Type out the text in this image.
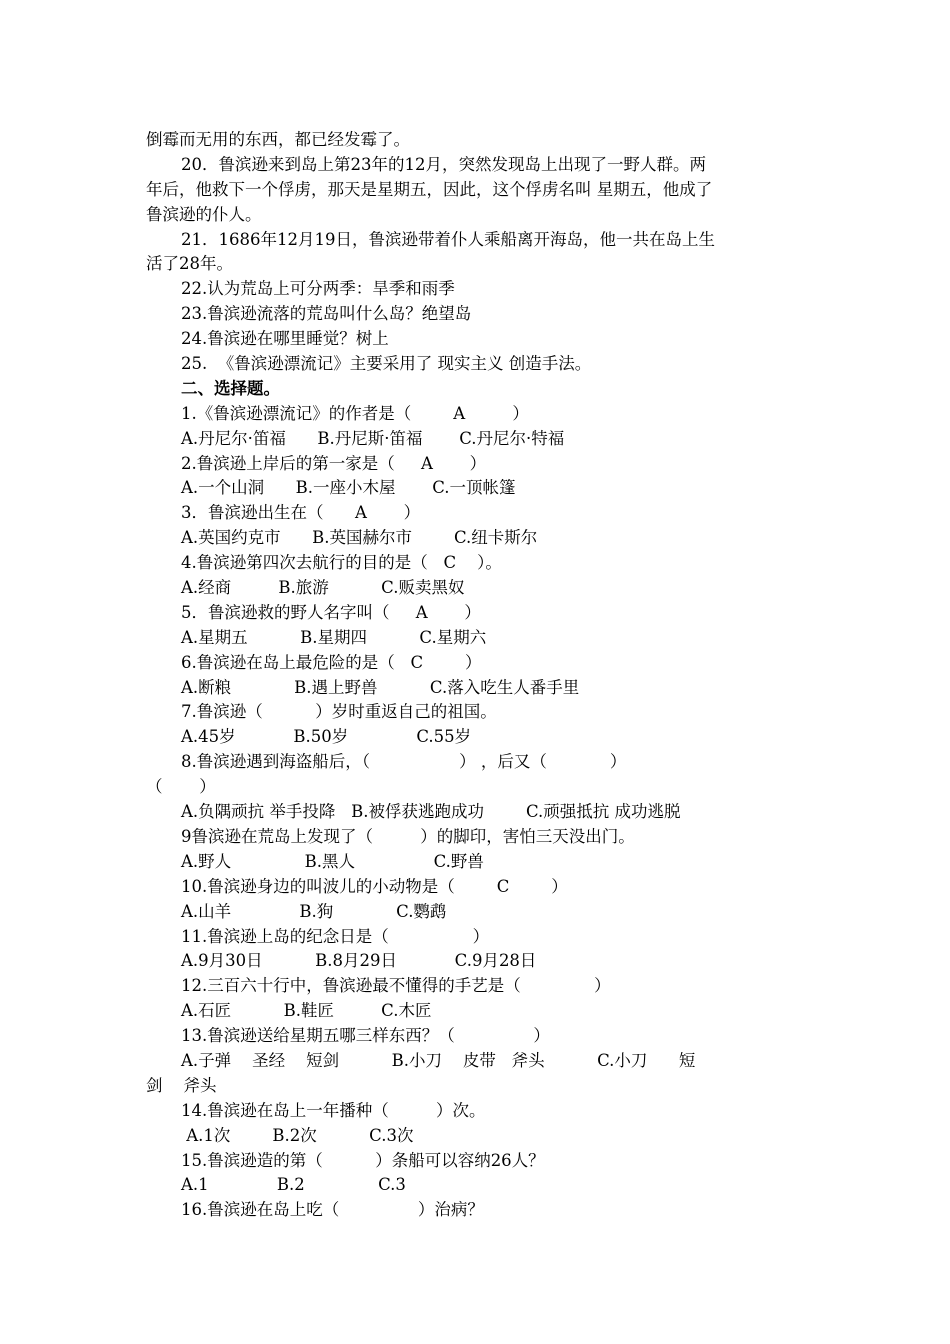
倒霉而无用的东西，都已经发霉了。
20．鲁滨逊来到岛上第23年的12月，突然发现岛上出现了一野人群。两
年后，他救下一个俘虏，那天是星期五，因此，这个俘虏名叫 星期五，他成了
鲁滨逊的仆人。
21．1686年12月19日，鲁滨逊带着仆人乘船离开海岛，他一共在岛上生
活了28年。
22.认为荒岛上可分两季：旱季和雨季
23.鲁滨逊流落的荒岛叫什么岛？绝望岛
24.鲁滨逊在哪里睡觉？树上
25.  《鲁滨逊漂流记》主要采用了 现实主义 创造手法。
二、选择题。
1.《鲁滨逊漂流记》的作者是（        A         ）
A.丹尼尔·笛福      B.丹尼斯·笛福       C.丹尼尔·特福
2.鲁滨逊上岸后的第一家是（     A       ）
A.一个山洞      B.一座小木屋       C.一顶帐篷
3．鲁滨逊出生在（      A       ）
A.英国约克市      B.英国赫尔市        C.纽卡斯尔
4.鲁滨逊第四次去航行的目的是（   C    ）。
A.经商         B.旅游          C.贩卖黑奴
5．鲁滨逊救的野人名字叫（     A       ）
A.星期五          B.星期四          C.星期六
6.鲁滨逊在岛上最危险的是（   C        ）
A.断粮            B.遇上野兽          C.落入吃生人番手里
7.鲁滨逊（          ）岁时重返自己的祖国。
A.45岁           B.50岁             C.55岁
8.鲁滨逊遇到海盗船后，（                 ） ，后又（            ）
（       ）
A.负隅顽抗 举手投降   B.被俘获逃跑成功        C.顽强抵抗 成功逃脱
9鲁滨逊在荒岛上发现了（         ）的脚印，害怕三天没出门。
A.野人              B.黑人               C.野兽
10.鲁滨逊身边的叫波儿的小动物是（        C        ）
A.山羊             B.狗            C.鹦鹉
11.鲁滨逊上岛的纪念日是（                ）
A.9月30日          B.8月29日           C.9月28日
12.三百六十行中，鲁滨逊最不懂得的手艺是（              ）
A.石匠          B.鞋匠         C.木匠
13.鲁滨逊送给星期五哪三样东西？（               ）
A.子弹    圣经    短剑          B.小刀    皮带   斧头          C.小刀      短
剑    斧头
14.鲁滨逊在岛上一年播种（         ）次。
A.1次        B.2次          C.3次
15.鲁滨逊造的第（          ）条船可以容纳26人？
A.1             B.2              C.3
16.鲁滨逊在岛上吃（               ）治病？
